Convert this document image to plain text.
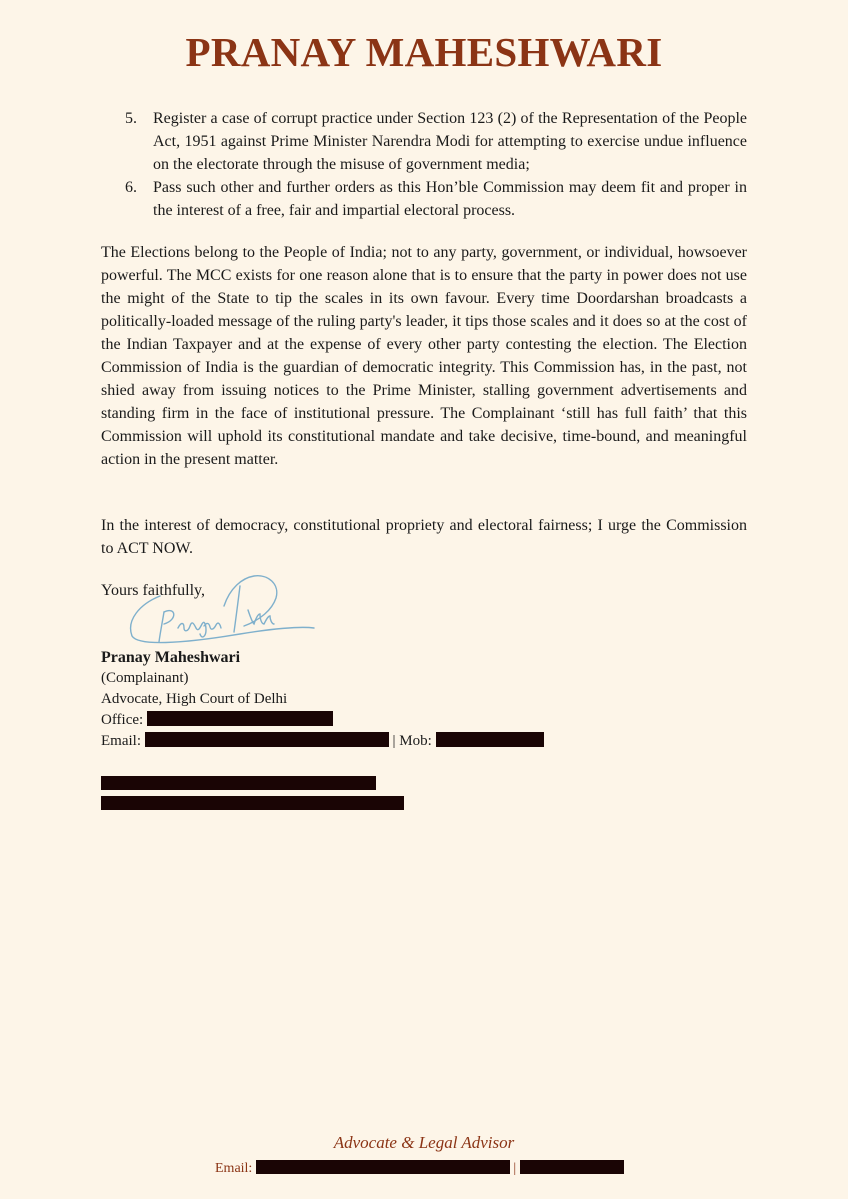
PRANAY MAHESHWARI
5.	Register a case of corrupt practice under Section 123 (2) of the Representation of the People Act, 1951 against Prime Minister Narendra Modi for attempting to exercise undue influence on the electorate through the misuse of government media;
6.	Pass such other and further orders as this Hon’ble Commission may deem fit and proper in the interest of a free, fair and impartial electoral process.
The Elections belong to the People of India; not to any party, government, or individual, howsoever powerful. The MCC exists for one reason alone that is to ensure that the party in power does not use the might of the State to tip the scales in its own favour. Every time Doordarshan broadcasts a politically-loaded message of the ruling party's leader, it tips those scales and it does so at the cost of the Indian Taxpayer and at the expense of every other party contesting the election. The Election Commission of India is the guardian of democratic integrity. This Commission has, in the past, not shied away from issuing notices to the Prime Minister, stalling government advertisements and standing firm in the face of institutional pressure. The Complainant ‘still has full faith’ that this Commission will uphold its constitutional mandate and take decisive, time-bound, and meaningful action in the present matter.
In the interest of democracy, constitutional propriety and electoral fairness; I urge the Commission to ACT NOW.
Yours faithfully,
Pranay Maheshwari
(Complainant)
Advocate, High Court of Delhi
Office:
Email:	| Mob:
Advocate & Legal Advisor
Email:	|
